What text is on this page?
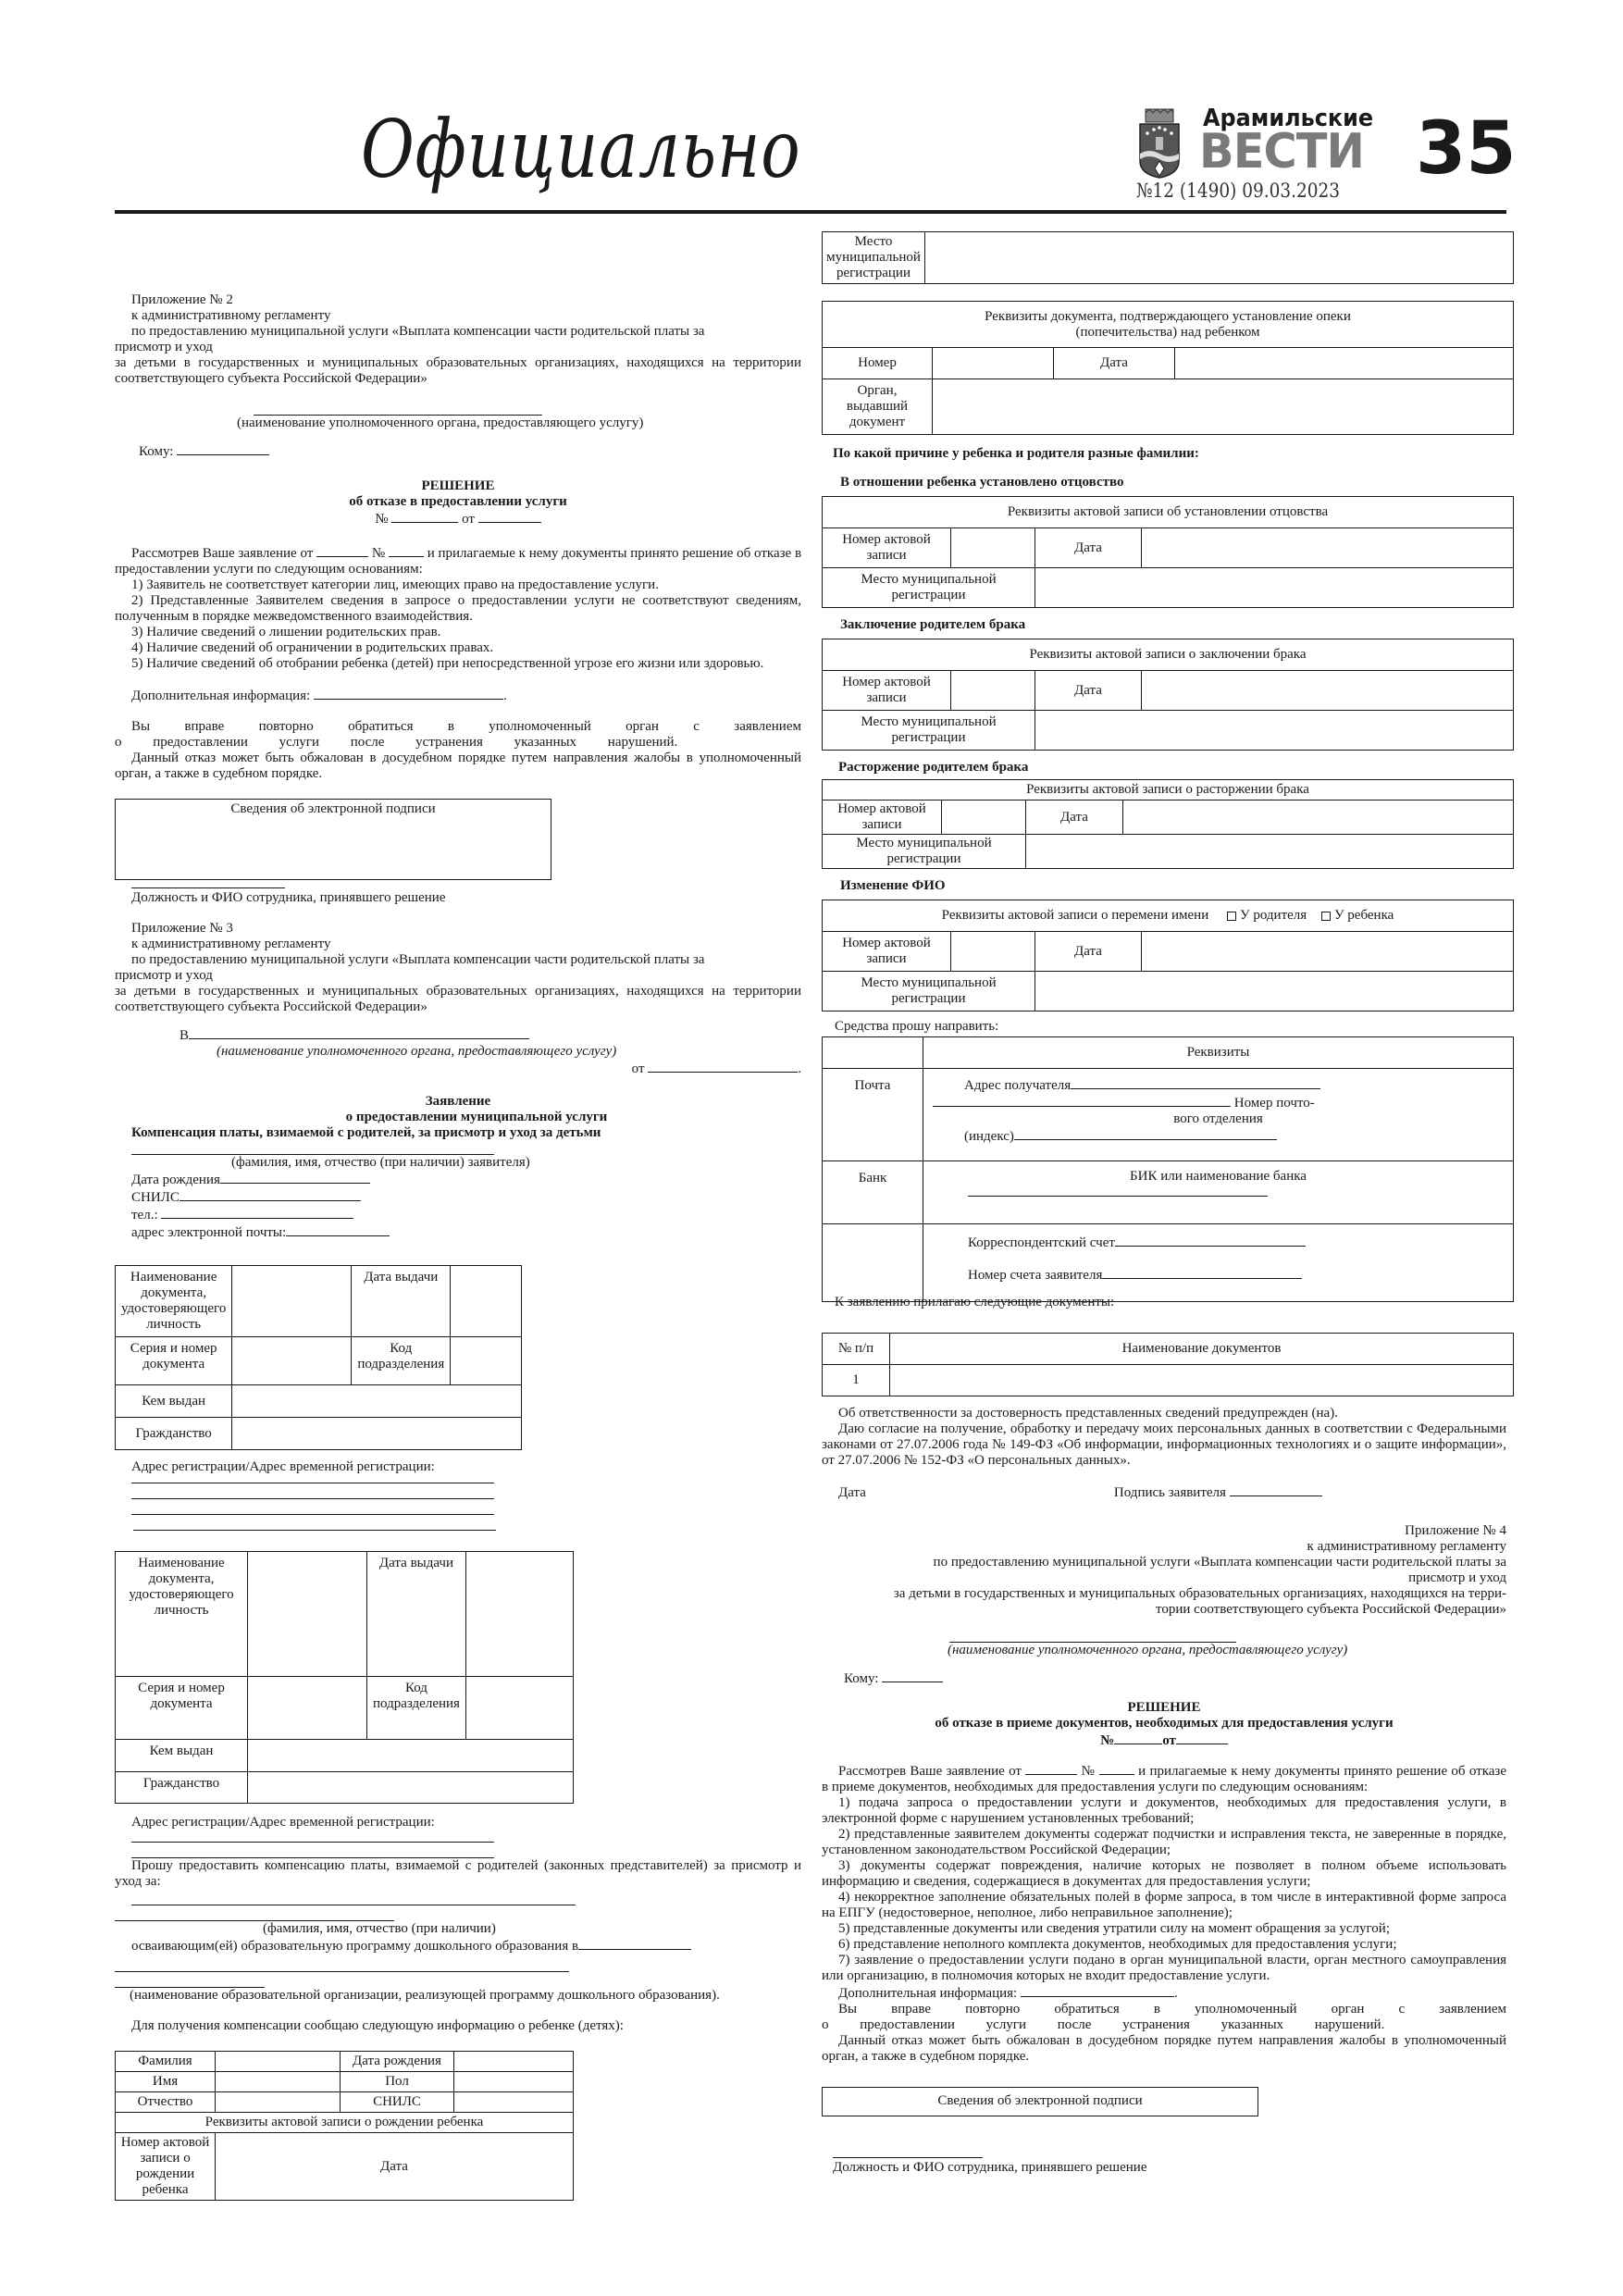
Официально	Арамильские
ВЕСТИ
№12 (1490) 09.03.2023 35

Приложение № 2

к административному регламенту

по предоставлению муниципальной услуги «Выплата компенсации части родительской платы за

присмотр и уход

за детьми в государственных и муниципальных образовательных организациях, находящихся на территории соответствующего субъекта Российской Федерации»

(наименование уполномоченного органа, предоставляющего услугу)

Кому:

РЕШЕНИЕ

об отказе в предоставлении услуги

№	от

Рассмотрев Ваше заявление от	№	и прилагаемые к нему документы принято решение об отказе в предоставлении услуги по следующим основаниям:

1) Заявитель не соответствует категории лиц, имеющих право на предоставление услуги.

2) Представленные Заявителем сведения в запросе о предоставлении услуги не соответствуют сведениям, полученным в порядке межведомственного взаимодействия.

3) Наличие сведений о лишении родительских прав.

4) Наличие сведений об ограничении в родительских правах.

5) Наличие сведений об отобрании ребенка (детей) при непосредственной угрозе его жизни или здоровью.

Дополнительная информация:	.

Вы вправе повторно обратиться в уполномоченный орган с заявлением о предоставлении услуги после устранения указанных нарушений.

Данный отказ может быть обжалован в досудебном порядке путем направления жалобы в уполномоченный орган, а также в судебном порядке.

Сведения об электронной подписи

Должность и ФИО сотрудника, принявшего решение

Приложение № 3

к административному регламенту

по предоставлению муниципальной услуги «Выплата компенсации части родительской платы за

присмотр и уход

за детьми в государственных и муниципальных образовательных организациях, находящихся на территории соответствующего субъекта Российской Федерации»

В

(наименование уполномоченного органа, предоставляющего услугу)

от	.

Заявление

о предоставлении муниципальной услуги

Компенсация платы, взимаемой с родителей, за присмотр и уход за детьми

(фамилия, имя, отчество (при наличии) заявителя)

Дата рождения

СНИЛС

тел.:

адрес электронной почты:

Наименование документа, удостоверяющего личность		Дата выдачи	
Серия и номер документа		Код подразделения	
Кем выдан			
Гражданство			

Адрес регистрации/Адрес временной регистрации:

Наименование документа, удостоверяющего личность		Дата выдачи	
Серия и номер документа		Код подразделения	
Кем выдан			
Гражданство			

Адрес регистрации/Адрес временной регистрации:

Прошу предоставить компенсацию платы, взимаемой с родителей (законных представителей) за присмотр и уход за:

(фамилия, имя, отчество (при наличии)

осваивающим(ей) образовательную программу дошкольного образования в

(наименование образовательной организации, реализующей программу дошкольного образования).

Для получения компенсации сообщаю следующую информацию о ребенке (детях):

Фамилия		Дата рождения	
Имя		Пол	
Отчество		СНИЛС	
Реквизиты актовой записи о рождении ребенка			
Номер актовой записи о рождении ребенка	Дата		
Место муниципальной регистрации	
Реквизиты документа, подтверждающего установление опеки (попечительства) над ребенком			
Номер		Дата	
Орган, выдавший документ			

По какой причине у ребенка и родителя разные фамилии:

В отношении ребенка установлено отцовство

Реквизиты актовой записи об установлении отцовства			
Номер актовой записи		Дата	
Место муниципальной регистрации			

Заключение родителем брака

Реквизиты актовой записи о заключении брака			
Номер актовой записи		Дата	
Место муниципальной регистрации			

Расторжение родителем брака

Реквизиты актовой записи о расторжении брака			
Номер актовой записи		Дата	
Место муниципальной регистрации			

Изменение ФИО

Реквизиты актовой записи о перемени имени У родителя У ребенка			
Номер актовой записи		Дата	
Место муниципальной регистрации			

Средства прошу направить:

	Реквизиты
Почта	Адрес получателя

Номер почто-

вого отделения

(индекс)

Банк	БИК или наименование банка

	Корреспондентский счет

Номер счета заявителя

К заявлению прилагаю следующие документы:

№ п/п	Наименование документов
1	

Об ответственности за достоверность представленных сведений предупрежден (на).

Даю согласие на получение, обработку и передачу моих персональных данных в соответствии с Федеральными законами от 27.07.2006 года № 149-ФЗ «Об информации, информационных технологиях и о защите информации», от 27.07.2006 № 152-ФЗ «О персональных данных».

Дата	Подпись заявителя

Приложение № 4

к административному регламенту

по предоставлению муниципальной услуги «Выплата компенсации части родительской платы за

присмотр и уход

за детьми в государственных и муниципальных образовательных организациях, находящихся на терри-

тории соответствующего субъекта Российской Федерации»

(наименование уполномоченного органа, предоставляющего услугу)

Кому:

РЕШЕНИЕ

об отказе в приеме документов, необходимых для предоставления услуги

№	от

Рассмотрев Ваше заявление от	№	и прилагаемые к нему документы принято решение об отказе в приеме документов, необходимых для предоставления услуги по следующим основаниям:

1) подача запроса о предоставлении услуги и документов, необходимых для предоставления услуги, в электронной форме с нарушением установленных требований;

2) представленные заявителем документы содержат подчистки и исправления текста, не заверенные в порядке, установленном законодательством Российской Федерации;

3) документы содержат повреждения, наличие которых не позволяет в полном объеме использовать информацию и сведения, содержащиеся в документах для предоставления услуги;

4) некорректное заполнение обязательных полей в форме запроса, в том числе в интерактивной форме запроса на ЕПГУ (недостоверное, неполное, либо неправильное заполнение);

5) представленные документы или сведения утратили силу на момент обращения за услугой;

6) представление неполного комплекта документов, необходимых для предоставления услуги;

7) заявление о предоставлении услуги подано в орган муниципальной власти, орган местного самоуправления или организацию, в полномочия которых не входит предоставление услуги.

Дополнительная информация:	.

Вы вправе повторно обратиться в уполномоченный орган с заявлением о предоставлении услуги после устранения указанных нарушений.

Данный отказ может быть обжалован в досудебном порядке путем направления жалобы в уполномоченный орган, а также в судебном порядке.

Сведения об электронной подписи

Должность и ФИО сотрудника, принявшего решение
